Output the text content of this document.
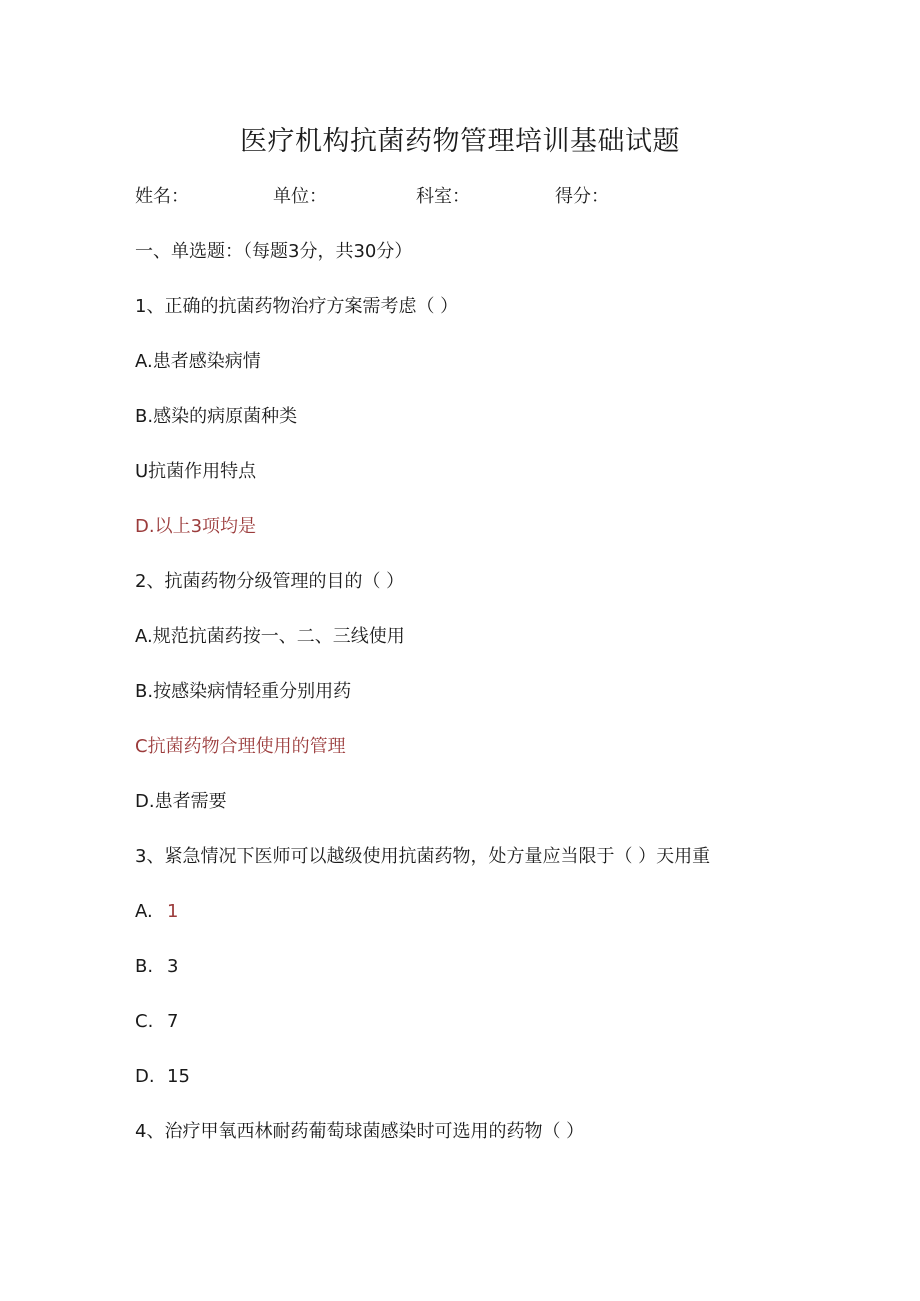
医疗机构抗菌药物管理培训基础试题
姓名：	单位：	科室：	得分：
一、单选题：（每题3分，共30分）
1、正确的抗菌药物治疗方案需考虑（ ）
A.患者感染病情
B.感染的病原菌种类
U抗菌作用特点
D.以上3项均是
2、抗菌药物分级管理的目的（ ）
A.规范抗菌药按一、二、三线使用
B.按感染病情轻重分别用药
C抗菌药物合理使用的管理
D.患者需要
3、紧急情况下医师可以越级使用抗菌药物，处方量应当限于（ ）天用重
A. 1
B. 3
C. 7
D. 15
4、治疗甲氧西林耐药葡萄球菌感染时可选用的药物（ ）
